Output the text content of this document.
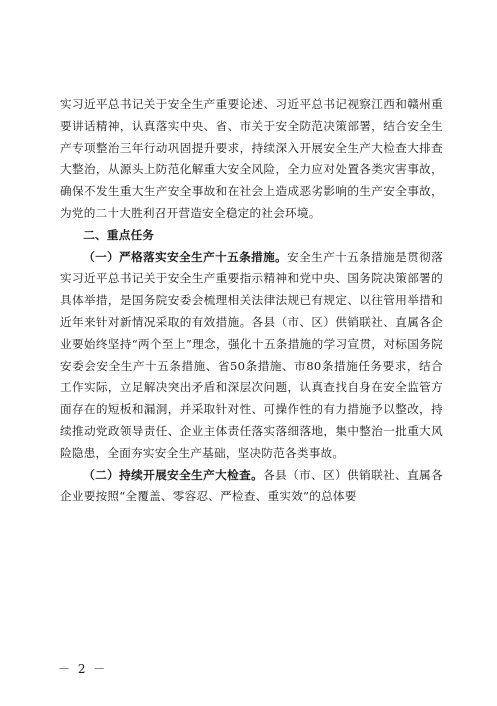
实习近平总书记关于安全生产重要论述、习近平总书记视察江西和赣州重要讲话精神，认真落实中央、省、市关于安全防范决策部署，结合安全生产专项整治三年行动巩固提升要求，持续深入开展安全生产大检查大排查大整治，从源头上防范化解重大安全风险，全力应对处置各类灾害事故，确保不发生重大生产安全事故和在社会上造成恶劣影响的生产安全事故，为党的二十大胜利召开营造安全稳定的社会环境。

二、重点任务

（一）严格落实安全生产十五条措施。安全生产十五条措施是贯彻落实习近平总书记关于安全生产重要指示精神和党中央、国务院决策部署的具体举措，是国务院安委会梳理相关法律法规已有规定、以往管用举措和近年来针对新情况采取的有效措施。各县（市、区）供销联社、直属各企业要始终坚持“两个至上”理念，强化十五条措施的学习宣贯，对标国务院安委会安全生产十五条措施、省50条措施、市80条措施任务要求，结合工作实际，立足解决突出矛盾和深层次问题，认真查找自身在安全监管方面存在的短板和漏洞，并采取针对性、可操作性的有力措施予以整改，持续推动党政领导责任、企业主体责任落实落细落地，集中整治一批重大风险隐患，全面夯实安全生产基础，坚决防范各类事故。

（二）持续开展安全生产大检查。各县（市、区）供销联社、直属各企业要按照“全覆盖、零容忍、严检查、重实效”的总体要

－ 2 －
